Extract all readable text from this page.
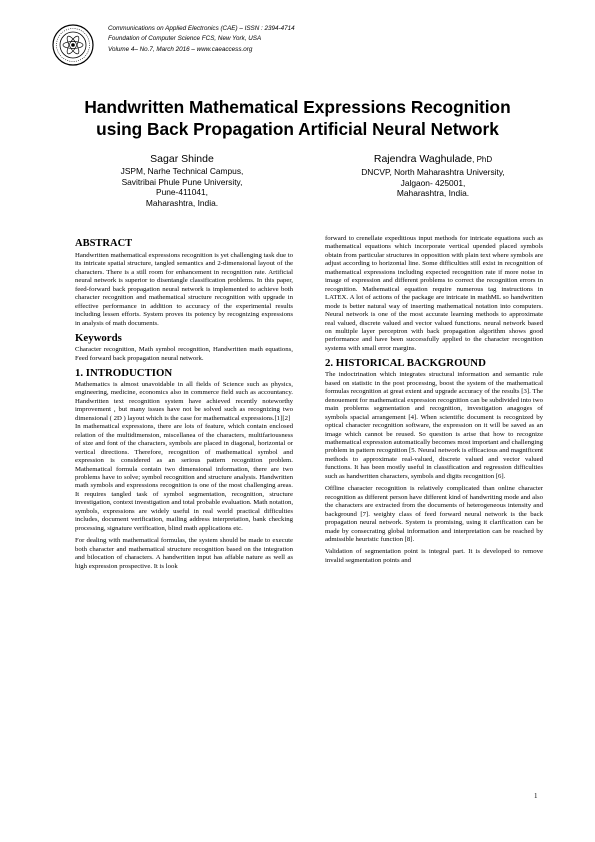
Communications on Applied Electronics (CAE) – ISSN : 2394-4714
Foundation of Computer Science FCS, New York, USA
Volume 4– No.7, March 2016 – www.caeaccess.org
Handwritten Mathematical Expressions Recognition
using Back Propagation Artificial Neural Network
Sagar Shinde
JSPM, Narhe Technical Campus,
Savitribai Phule Pune University,
Pune-411041,
Maharashtra, India.
Rajendra Waghulade, PhD
DNCVP, North Maharashtra University,
Jalgaon- 425001,
Maharashtra, India.
ABSTRACT

Handwritten mathematical expressions recognition is yet challenging task due to its intricate spatial structure, tangled semantics and 2-dimensional layout of the characters. There is a still room for enhancement in recognition rate. Artificial neural network is superior to disentangle classification problems. In this paper, feed-forward back propagation neural network is implemented to achieve both character recognition and mathematical structure recognition with upgrade in effective performance in addition to accuracy of the experimental results including lessen efforts. System proves its potency by recognizing expressions in analysis of math documents.

Keywords

Character recognition, Math symbol recognition, Handwritten math equations, Feed forward back propagation neural network.

1. INTRODUCTION

Mathematics is almost unavoidable in all fields of Science such as physics, engineering, medicine, economics also in commerce field such as accountancy. Handwritten text recognition system have achieved recently noteworthy improvement , but many issues have not be solved such as recognizing two dimensional ( 2D ) layout which is the case for mathematical expressions.[1][2]

In mathematical expressions, there are lots of feature, which contain enclosed relation of the multidimension, miscellanea of the characters, multifariousness of size and font of the characters, symbols are placed in diagonal, horizontal or vertical directions. Therefore, recognition of mathematical symbol and expression is considered as an serious pattern recognition problem. Mathematical formula contain two dimensional information, there are two problems have to solve; symbol recognition and structure analysis. Handwritten math symbols and expressions recognition is one of the most challenging areas. It requires tangled task of symbol segmentation, recognition, structure investigation, context investigation and total probable evaluation. Math notation, symbols, expressions are widely useful in real world practical difficulties includes, document verification, mailing address interpretation, bank checking processing, signature verification, blind math applications etc.

For dealing with mathematical formulas, the system should be made to execute both character and mathematical structure recognition based on the integration and bilocation of characters. A handwritten input has affable nature as well as high expression prospective. It is look

forward to crenellate expeditious input methods for intricate equations such as mathematical equations which incorporate vertical upended placed symbols obtain from particular structures in opposition with plain text where symbols are adjust according to horizontal line. Some difficulties still exist in recognition of mathematical expressions including expected recognition rate if more noise in image of expression and different problems to correct the recognition errors in recognition. Mathematical equation require numerous tag instructions in LATEX. A lot of actions of the package are intricate in mathML so handwritten mode is better natural way of inserting mathematical notation into computers. Neural network is one of the most accurate learning methods to approximate real valued, discrete valued and vector valued functions. neural network based on multiple layer perceptron with back propagation algorithm shows good performance and have been successfully applied to the character recognition systems with small error margins.

2. HISTORICAL BACKGROUND

The indoctrination which integrates structural information and semantic rule based on statistic in the post processing, boost the system of the mathematical formulas recognition at great extent and upgrade accuracy of the results [3]. The denouement for mathematical expression recognition can be subdivided into two main problems segmentation and recognition, investigation anagoges of symbols spacial arrangement [4]. When scientific document is recognized by optical character recognition software, the expression on it will be saved as an image which cannot be reused. So question is arise that how to recognize mathematical expression automatically becomes most important and challenging problem in pattern recognition [5. Neural network is efficacious and magnificent methods to approximate real-valued, discrete valued and vector valued functions. It has been mostly useful in classification and regression difficulties such as handwritten characters, symbols and digits recognition [6].

Offline character recognition is relatively complicated than online character recognition as different person have different kind of handwriting mode and also the characters are extracted from the documents of heterogeneous intensity and background [7]. weighty class of feed forward neural network is the back propagation neural network. System is promising, using it clarification can be made by consecrating global information and interpretation can be reached by admissible heuristic function [8].

Validation of segmentation point is integral part. It is developed to remove invalid segmentation points and

1
